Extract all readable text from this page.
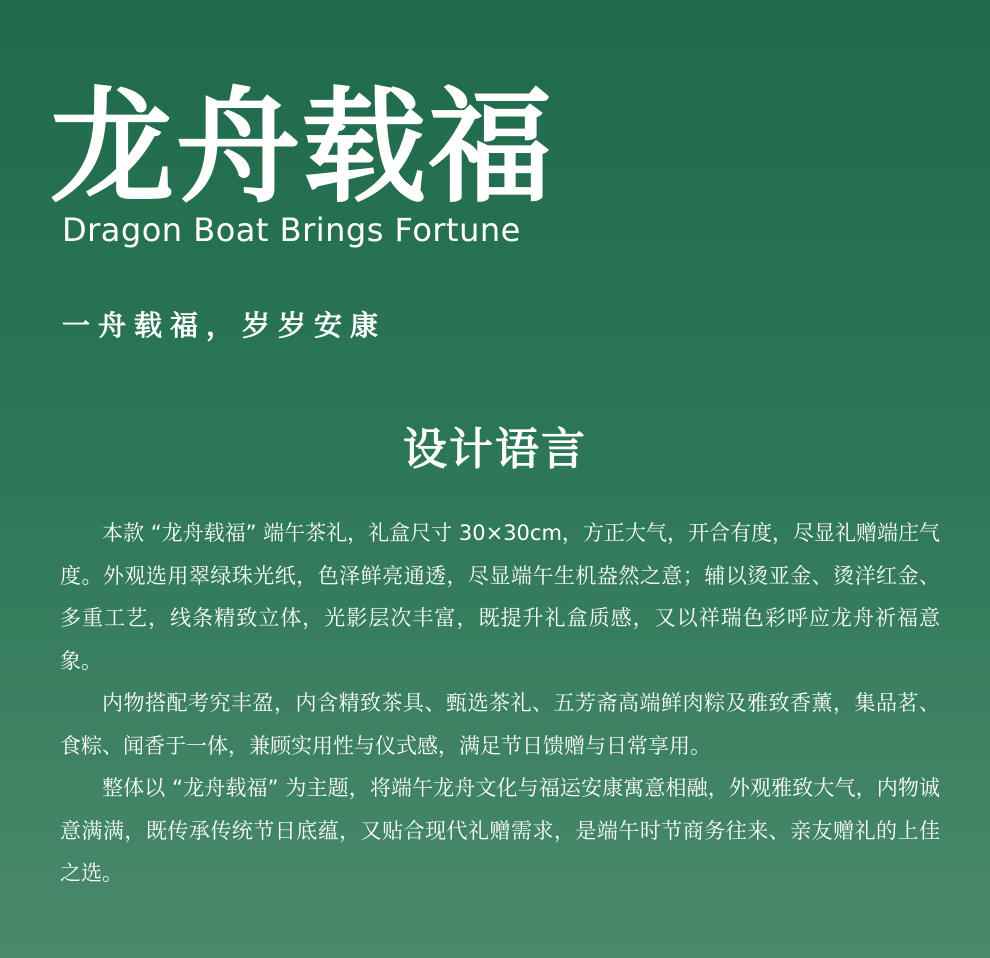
龙舟载福
Dragon Boat Brings Fortune
一舟载福，岁岁安康
设计语言

本款 “龙舟载福” 端午茶礼，礼盒尺寸 30×30cm，方正大气，开合有度，尽显礼赠端庄气度。外观选用翠绿珠光纸，色泽鲜亮通透，尽显端午生机盎然之意；辅以烫亚金、烫洋红金、多重工艺，线条精致立体，光影层次丰富，既提升礼盒质感，又以祥瑞色彩呼应龙舟祈福意象。

内物搭配考究丰盈，内含精致茶具、甄选茶礼、五芳斋高端鲜肉粽及雅致香薰，集品茗、食粽、闻香于一体，兼顾实用性与仪式感，满足节日馈赠与日常享用。

整体以 “龙舟载福” 为主题，将端午龙舟文化与福运安康寓意相融，外观雅致大气，内物诚意满满，既传承传统节日底蕴，又贴合现代礼赠需求，是端午时节商务往来、亲友赠礼的上佳之选。
